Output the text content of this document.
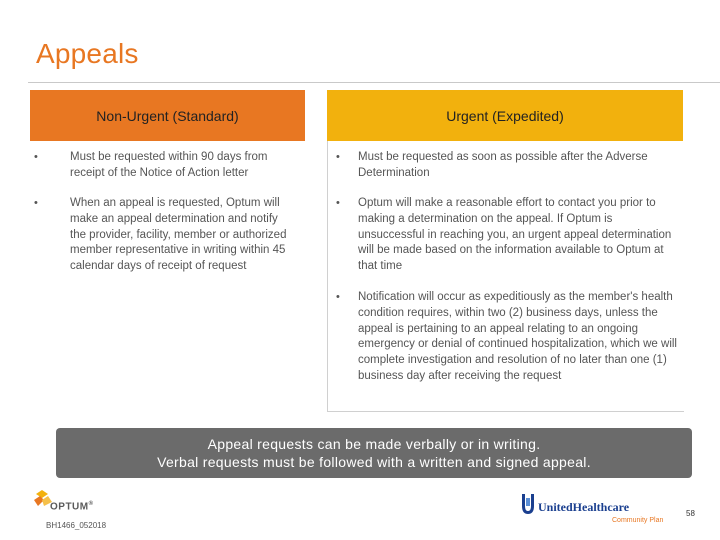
Appeals
Non-Urgent (Standard)
•	Must be requested within 90 days from receipt of the Notice of Action letter
•	When an appeal is requested, Optum will make an appeal determination and notify the provider, facility, member or authorized member representative in writing within 45 calendar days of receipt of request
Urgent (Expedited)
• Must be requested as soon as possible after the Adverse Determination
• Optum will make a reasonable effort to contact you prior to making a determination on the appeal. If Optum is unsuccessful in reaching you, an urgent appeal determination will be made based on the information available to Optum at that time
• Notification will occur as expeditiously as the member's health condition requires, within two (2) business days, unless the appeal is pertaining to an appeal relating to an ongoing emergency or denial of continued hospitalization, which we will complete investigation and resolution of no later than one (1) business day after receiving the request
Appeal requests can be made verbally or in writing.
Verbal requests must be followed with a written and signed appeal.
OPTUM®
BH1466_052018
UnitedHealthcare
Community Plan
58
